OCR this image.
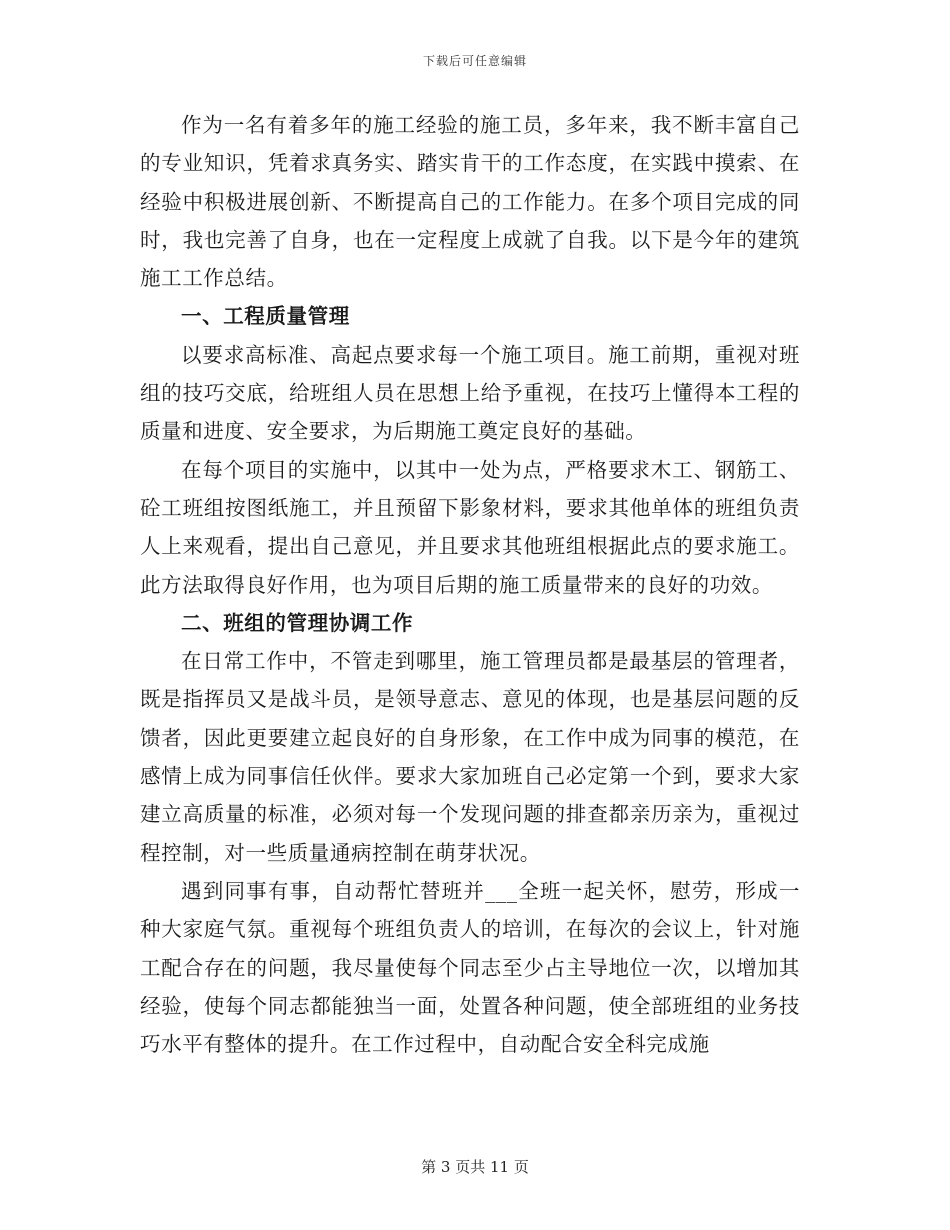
下载后可任意编辑

作为一名有着多年的施工经验的施工员，多年来，我不断丰富自己的专业知识，凭着求真务实、踏实肯干的工作态度，在实践中摸索、在经验中积极进展创新、不断提高自己的工作能力。在多个项目完成的同时，我也完善了自身，也在一定程度上成就了自我。以下是今年的建筑施工工作总结。

一、工程质量管理

以要求高标准、高起点要求每一个施工项目。施工前期，重视对班组的技巧交底，给班组人员在思想上给予重视，在技巧上懂得本工程的质量和进度、安全要求，为后期施工奠定良好的基础。

在每个项目的实施中，以其中一处为点，严格要求木工、钢筋工、砼工班组按图纸施工，并且预留下影象材料，要求其他单体的班组负责人上来观看，提出自己意见，并且要求其他班组根据此点的要求施工。此方法取得良好作用，也为项目后期的施工质量带来的良好的功效。

二、班组的管理协调工作

在日常工作中，不管走到哪里，施工管理员都是最基层的管理者，既是指挥员又是战斗员，是领导意志、意见的体现，也是基层问题的反馈者，因此更要建立起良好的自身形象，在工作中成为同事的模范，在感情上成为同事信任伙伴。要求大家加班自己必定第一个到，要求大家建立高质量的标准，必须对每一个发现问题的排查都亲历亲为，重视过程控制，对一些质量通病控制在萌芽状况。

遇到同事有事，自动帮忙替班并___全班一起关怀，慰劳，形成一种大家庭气氛。重视每个班组负责人的培训，在每次的会议上，针对施工配合存在的问题，我尽量使每个同志至少占主导地位一次，以增加其经验，使每个同志都能独当一面，处置各种问题，使全部班组的业务技巧水平有整体的提升。在工作过程中，自动配合安全科完成施

第 3 页共 11 页
